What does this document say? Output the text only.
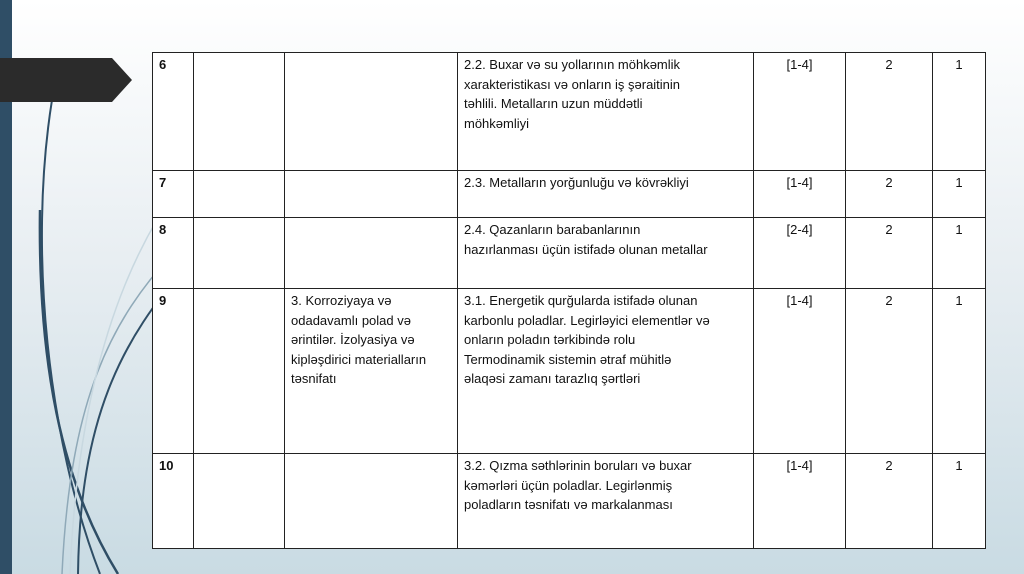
6			2.2. Buxar və su yollarının möhkəmlik
xarakteristikası və onların iş şəraitinin
təhlili. Metalların uzun müddətli
möhkəmliyi	[1-4]	2	1
7			2.3. Metalların yorğunluğu və kövrəkliyi	[1-4]	2	1
8			2.4. Qazanların barabanlarının
hazırlanması üçün istifadə olunan metallar	[2-4]	2	1
9		3. Korroziyaya və
odadavamlı polad və
ərintilər. İzolyasiya və
kipləşdirici materialların
təsnifatı	3.1. Energetik qurğularda istifadə olunan
karbonlu poladlar. Legirləyici elementlər və
onların poladın tərkibində rolu
Termodinamik sistemin ətraf mühitlə
əlaqəsi zamanı tarazlıq şərtləri	[1-4]	2	1
10			3.2. Qızma səthlərinin boruları və buxar
kəmərləri üçün poladlar. Legirlənmiş
poladların təsnifatı və markalanması	[1-4]	2	1
